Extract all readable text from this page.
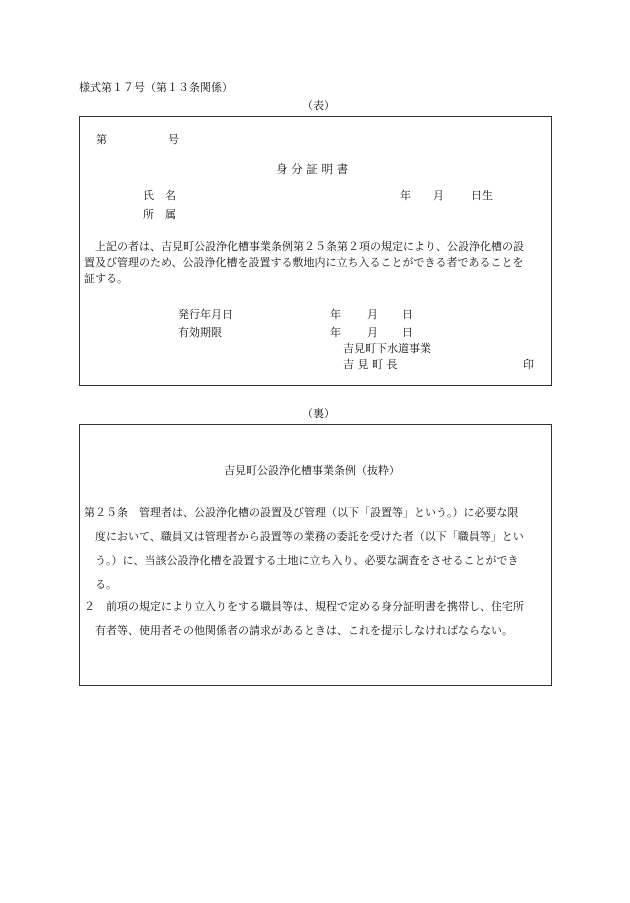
様式第１７号（第１３条関係）
（表）
第	号
身 分 証 明 書
氏　名	年 月 日生
所　属
上記の者は、吉見町公設浄化槽事業条例第２５条第２項の規定により、公設浄化槽の設
置及び管理のため、公設浄化槽を設置する敷地内に立ち入ることができる者であることを
証する。
発行年月日	年 月 日
有効期限	年 月 日
吉見町下水道事業
吉 見 町 長	印
（裏）
吉見町公設浄化槽事業条例（抜粋）
第２５条　管理者は、公設浄化槽の設置及び管理（以下「設置等」という。）に必要な限
度において、職員又は管理者から設置等の業務の委託を受けた者（以下「職員等」とい
う。）に、当該公設浄化槽を設置する土地に立ち入り、必要な調査をさせることができ
る。
２　前項の規定により立入りをする職員等は、規程で定める身分証明書を携帯し、住宅所
有者等、使用者その他関係者の請求があるときは、これを提示しなければならない。
